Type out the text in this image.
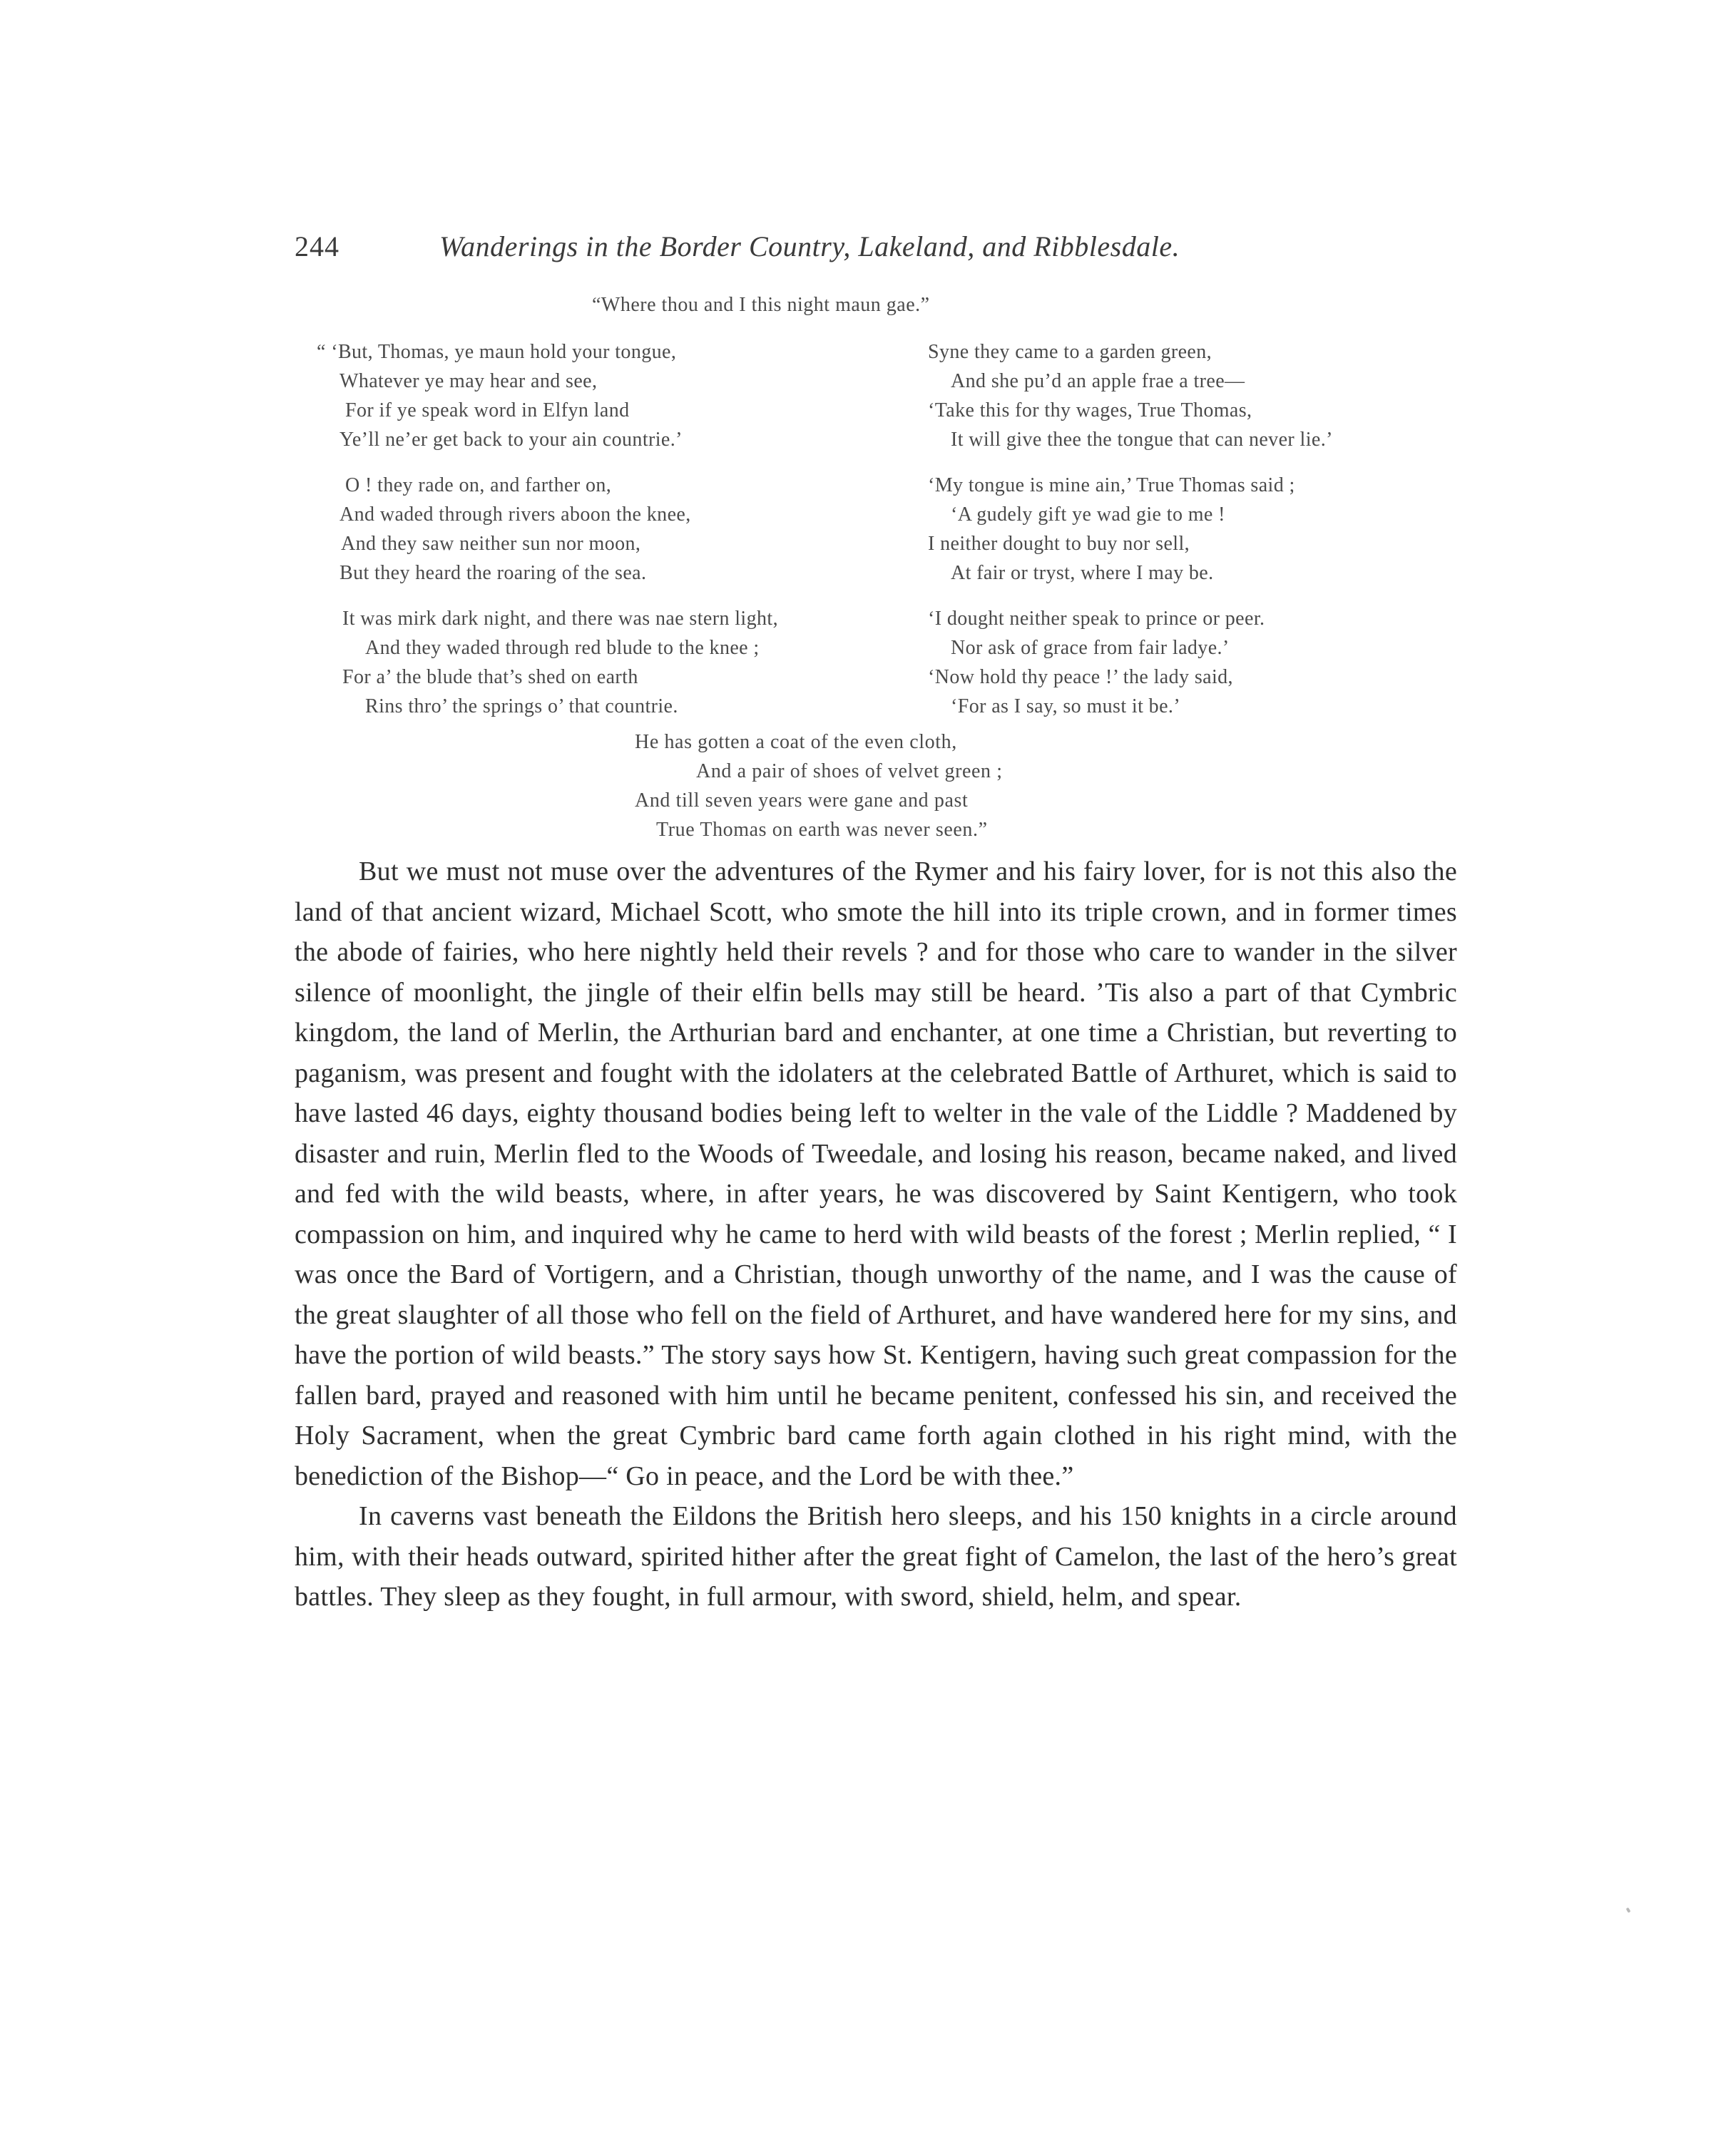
244	Wanderings in the Border Country, Lakeland, and Ribblesdale.
“Where thou and I this night maun gae.”
“ ‘But, Thomas, ye maun hold your tongue,
Whatever ye may hear and see,
For if ye speak word in Elfyn land
Ye’ll ne’er get back to your ain countrie.’
O ! they rade on, and farther on,
And waded through rivers aboon the knee,
And they saw neither sun nor moon,
But they heard the roaring of the sea.
It was mirk dark night, and there was nae stern light,
And they waded through red blude to the knee ;
For a’ the blude that’s shed on earth
Rins thro’ the springs o’ that countrie.
Syne they came to a garden green,
And she pu’d an apple frae a tree—
‘Take this for thy wages, True Thomas,
It will give thee the tongue that can never lie.’
‘My tongue is mine ain,’ True Thomas said ;
‘A gudely gift ye wad gie to me !
I neither dought to buy nor sell,
At fair or tryst, where I may be.
‘I dought neither speak to prince or peer.
Nor ask of grace from fair ladye.’
‘Now hold thy peace !’ the lady said,
‘For as I say, so must it be.’
He has gotten a coat of the even cloth,
And a pair of shoes of velvet green ;
And till seven years were gane and past
True Thomas on earth was never seen.”

But we must not muse over the adventures of the Rymer and his fairy lover, for is not this also the land of that ancient wizard, Michael Scott, who smote the hill into its triple crown, and in former times the abode of fairies, who here nightly held their revels ? and for those who care to wander in the silver silence of moonlight, the jingle of their elfin bells may still be heard. ’Tis also a part of that Cymbric kingdom, the land of Merlin, the Arthurian bard and enchanter, at one time a Christian, but reverting to paganism, was present and fought with the idolaters at the celebrated Battle of Arthuret, which is said to have lasted 46 days, eighty thousand bodies being left to welter in the vale of the Liddle ? Maddened by disaster and ruin, Merlin fled to the Woods of Tweedale, and losing his reason, became naked, and lived and fed with the wild beasts, where, in after years, he was discovered by Saint Kentigern, who took compassion on him, and inquired why he came to herd with wild beasts of the forest ; Merlin replied, “ I was once the Bard of Vortigern, and a Christian, though unworthy of the name, and I was the cause of the great slaughter of all those who fell on the field of Arthuret, and have wandered here for my sins, and have the portion of wild beasts.” The story says how St. Kentigern, having such great compassion for the fallen bard, prayed and reasoned with him until he became penitent, confessed his sin, and received the Holy Sacrament, when the great Cymbric bard came forth again clothed in his right mind, with the benediction of the Bishop—“ Go in peace, and the Lord be with thee.”

In caverns vast beneath the Eildons the British hero sleeps, and his 150 knights in a circle around him, with their heads outward, spirited hither after the great fight of Camelon, the last of the hero’s great battles. They sleep as they fought, in full armour, with sword, shield, helm, and spear.
